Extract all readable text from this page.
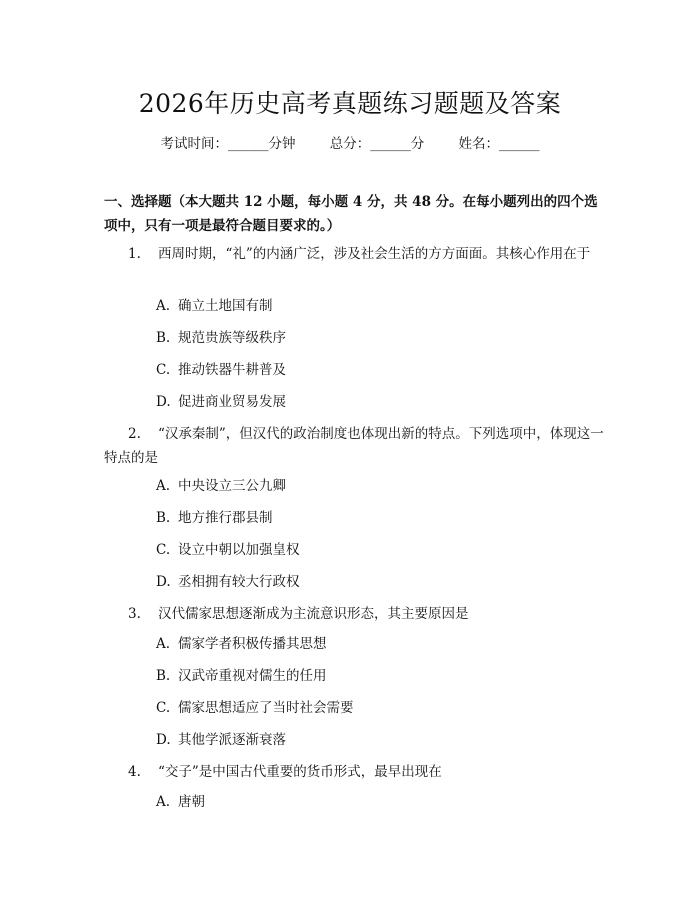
2026年历史高考真题练习题题及答案
考试时间：______分钟	总分：______分	姓名：______
一、选择题（本大题共 12 小题，每小题 4 分，共 48 分。在每小题列出的四个选项中，只有一项是最符合题目要求的。）
1. 西周时期，“礼”的内涵广泛，涉及社会生活的方方面面。其核心作用在于
A. 确立土地国有制
B. 规范贵族等级秩序
C. 推动铁器牛耕普及
D. 促进商业贸易发展
2. “汉承秦制”，但汉代的政治制度也体现出新的特点。下列选项中，体现这一特点的是
A. 中央设立三公九卿
B. 地方推行郡县制
C. 设立中朝以加强皇权
D. 丞相拥有较大行政权
3. 汉代儒家思想逐渐成为主流意识形态，其主要原因是
A. 儒家学者积极传播其思想
B. 汉武帝重视对儒生的任用
C. 儒家思想适应了当时社会需要
D. 其他学派逐渐衰落
4. “交子”是中国古代重要的货币形式，最早出现在
A. 唐朝
